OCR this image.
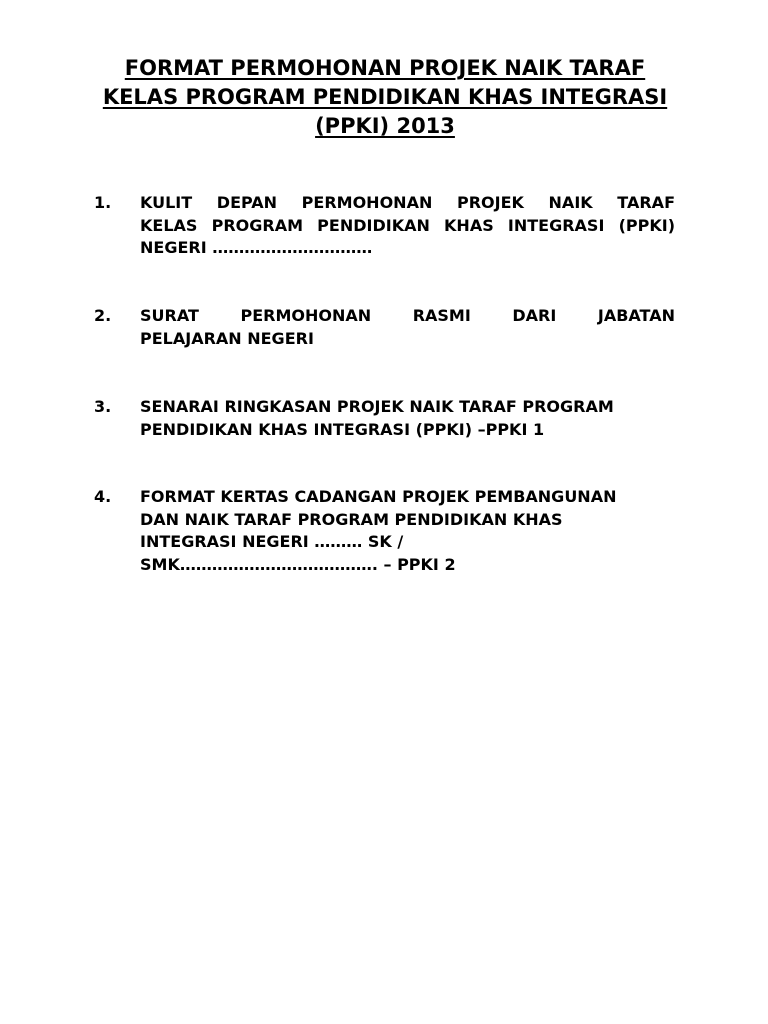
FORMAT PERMOHONAN PROJEK NAIK TARAF
KELAS PROGRAM PENDIDIKAN KHAS INTEGRASI
(PPKI) 2013
1. KULIT DEPAN PERMOHONAN PROJEK NAIK TARAF
KELAS PROGRAM PENDIDIKAN KHAS INTEGRASI (PPKI)
NEGERI …………………………
2. SURAT PERMOHONAN RASMI DARI JABATAN
PELAJARAN NEGERI
3. SENARAI RINGKASAN PROJEK NAIK TARAF PROGRAM
PENDIDIKAN KHAS INTEGRASI (PPKI) –PPKI 1
4. FORMAT KERTAS CADANGAN PROJEK PEMBANGUNAN
DAN NAIK TARAF PROGRAM PENDIDIKAN KHAS
INTEGRASI NEGERI ……… SK /
SMK………………………………. – PPKI 2
